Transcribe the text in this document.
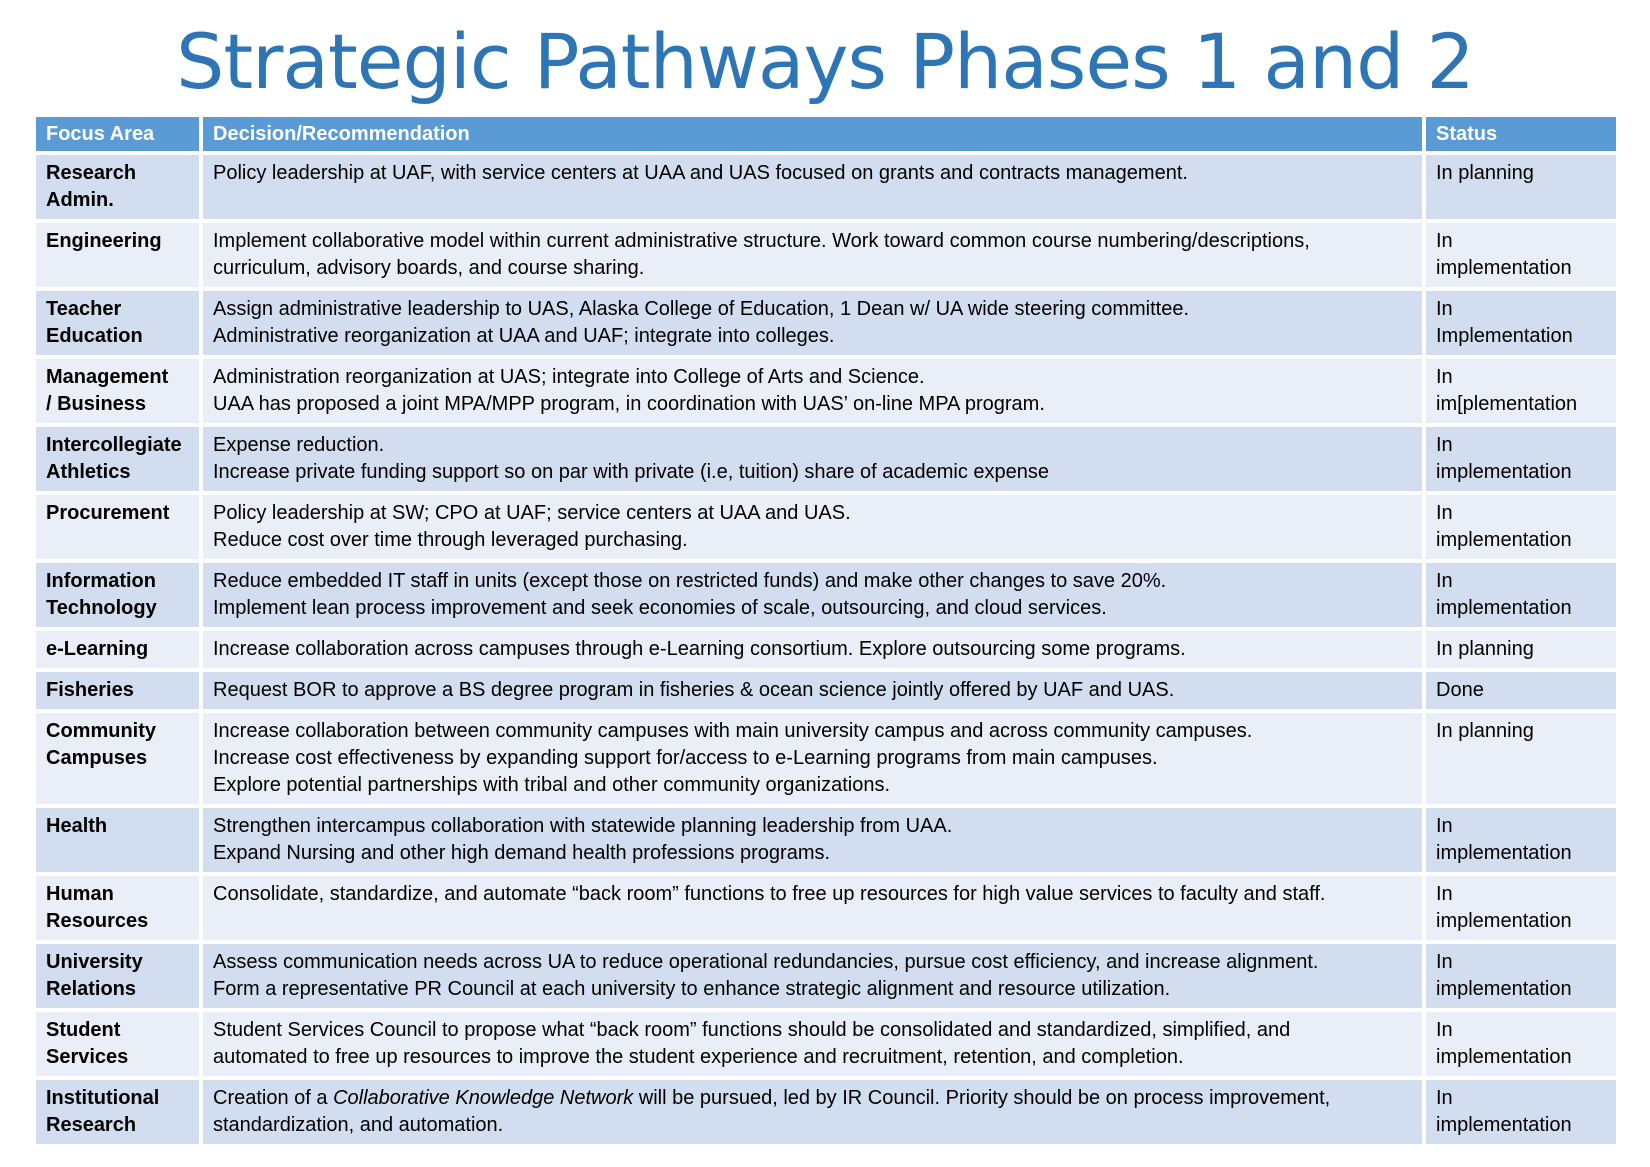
Strategic Pathways Phases 1 and 2
Focus Area	Decision/Recommendation	Status

Research
Admin.	Policy leadership at UAF, with service centers at UAA and UAS focused on grants and contracts management.	In planning

Engineering	Implement collaborative model within current administrative structure. Work toward common course numbering/descriptions,
curriculum, advisory boards, and course sharing.	In
implementation

Teacher
Education	Assign administrative leadership to UAS, Alaska College of Education, 1 Dean w/ UA wide steering committee.
Administrative reorganization at UAA and UAF; integrate into colleges.	In
Implementation

Management
/ Business	Administration reorganization at UAS; integrate into College of Arts and Science.
UAA has proposed a joint MPA/MPP program, in coordination with UAS’ on-line MPA program.	In
im[plementation

Intercollegiate
Athletics	Expense reduction.
Increase private funding support so on par with private (i.e, tuition) share of academic expense	In
implementation

Procurement	Policy leadership at SW; CPO at UAF; service centers at UAA and UAS.
Reduce cost over time through leveraged purchasing.	In
implementation

Information
Technology	Reduce embedded IT staff in units (except those on restricted funds) and make other changes to save 20%.
Implement lean process improvement and seek economies of scale, outsourcing, and cloud services.	In
implementation

e-Learning	Increase collaboration across campuses through e-Learning consortium. Explore outsourcing some programs.	In planning

Fisheries	Request BOR to approve a BS degree program in fisheries & ocean science jointly offered by UAF and UAS.	Done

Community
Campuses	Increase collaboration between community campuses with main university campus and across community campuses.
Increase cost effectiveness by expanding support for/access to e-Learning programs from main campuses.
Explore potential partnerships with tribal and other community organizations.	In planning

Health	Strengthen intercampus collaboration with statewide planning leadership from UAA.
Expand Nursing and other high demand health professions programs.	In
implementation

Human
Resources	Consolidate, standardize, and automate “back room” functions to free up resources for high value services to faculty and staff.	In
implementation

University
Relations	Assess communication needs across UA to reduce operational redundancies, pursue cost efficiency, and increase alignment.
Form a representative PR Council at each university to enhance strategic alignment and resource utilization.	In
implementation

Student
Services	Student Services Council to propose what “back room” functions should be consolidated and standardized, simplified, and
automated to free up resources to improve the student experience and recruitment, retention, and completion.	In
implementation

Institutional
Research	Creation of a Collaborative Knowledge Network will be pursued, led by IR Council. Priority should be on process improvement,
standardization, and automation.	In
implementation
